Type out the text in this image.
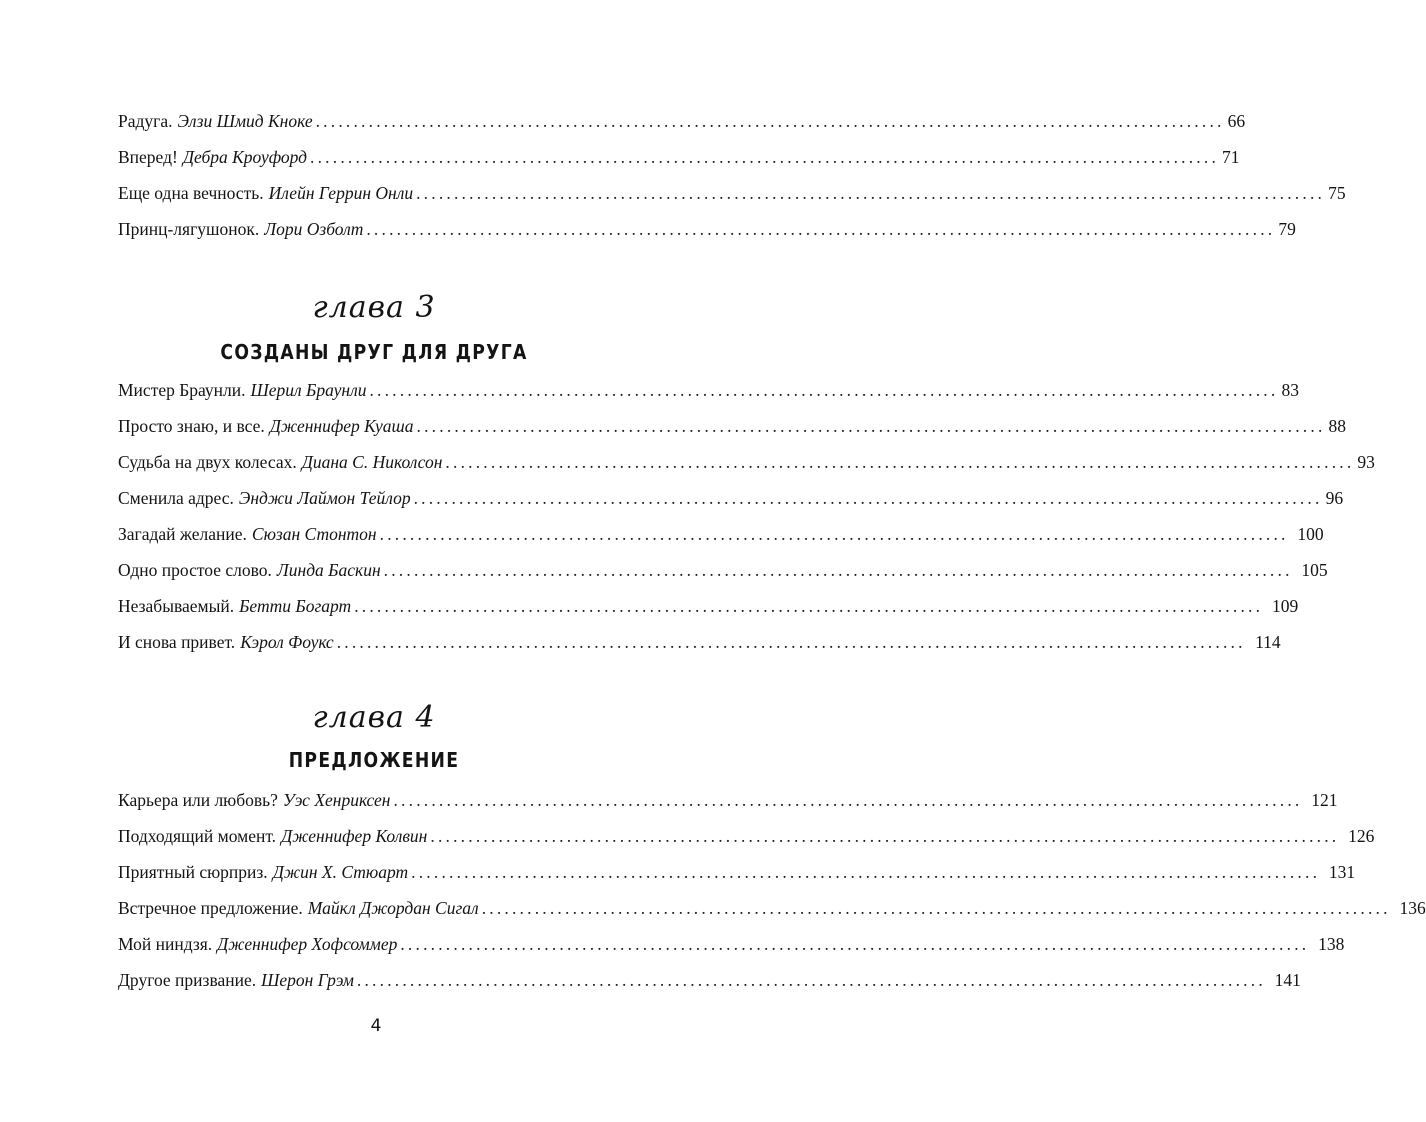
Радуга. Элзи Шмид Кноке ........................................................................................................................ 66
Вперед! Дебра Кроуфорд ........................................................................................................................ 71
Еще одна вечность. Илейн Геррин Онли ........................................................................................................................ 75
Принц-лягушонок. Лори Озболт ........................................................................................................................ 79
глава 3
СОЗДАНЫ ДРУГ ДЛЯ ДРУГА
Мистер Браунли. Шерил Браунли ........................................................................................................................ 83
Просто знаю, и все. Дженнифер Куаша ........................................................................................................................ 88
Судьба на двух колесах. Диана С. Николсон ........................................................................................................................ 93
Сменила адрес. Энджи Лаймон Тейлор ........................................................................................................................ 96
Загадай желание. Сюзан Стонтон ........................................................................................................................ 100
Одно простое слово. Линда Баскин ........................................................................................................................ 105
Незабываемый. Бетти Богарт ........................................................................................................................ 109
И снова привет. Кэрол Фоукс ........................................................................................................................ 114
глава 4
ПРЕДЛОЖЕНИЕ
Карьера или любовь? Уэс Хенриксен ........................................................................................................................ 121
Подходящий момент. Дженнифер Колвин ........................................................................................................................ 126
Приятный сюрприз. Джин Х. Стюарт ........................................................................................................................ 131
Встречное предложение. Майкл Джордан Сигал ........................................................................................................................ 136
Мой ниндзя. Дженнифер Хофсоммер ........................................................................................................................ 138
Другое призвание. Шерон Грэм ........................................................................................................................ 141
4
